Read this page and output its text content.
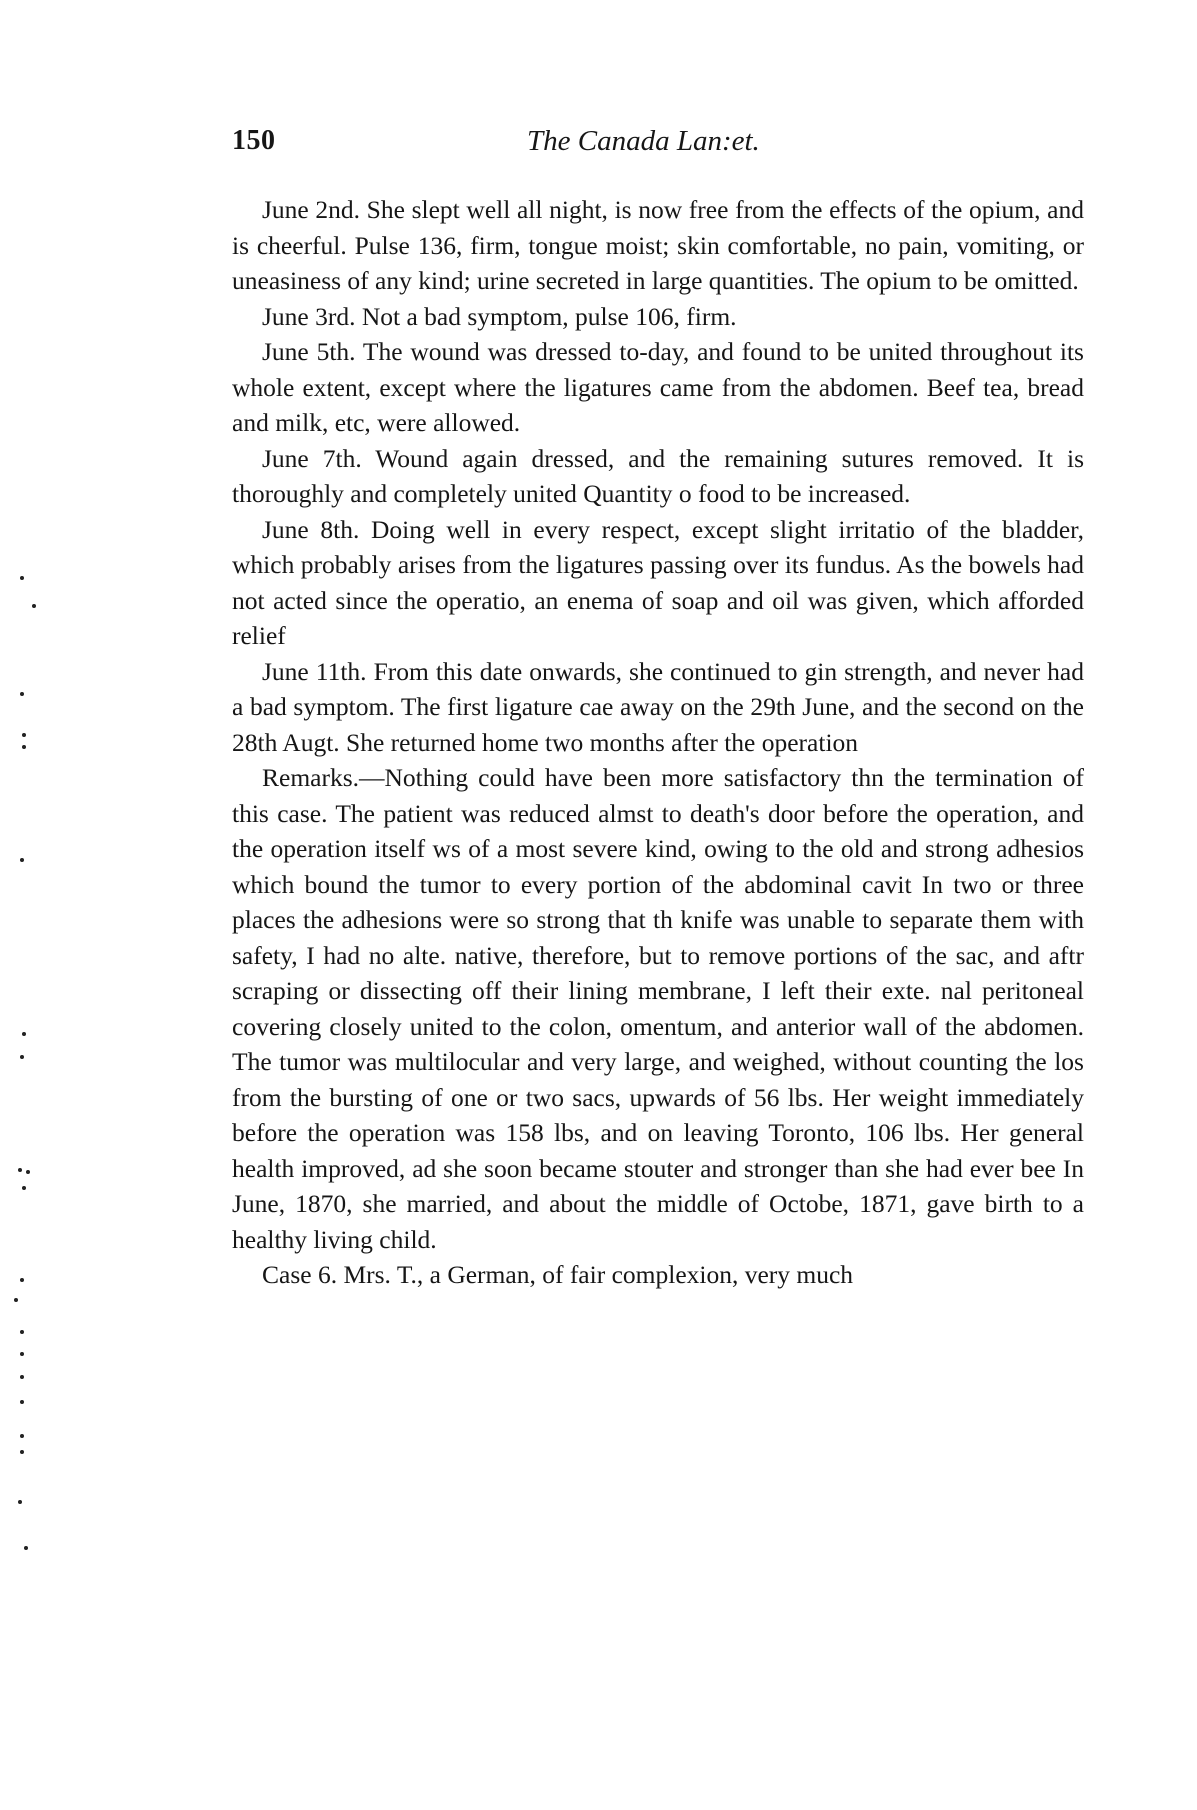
150	The Canada Lan:et.

June 2nd. She slept well all night, is now free from the effects of the opium, and is cheerful. Pulse 136, firm, tongue moist; skin comfortable, no pain, vomiting, or uneasiness of any kind; urine secreted in large quantities. The opium to be omitted.

June 3rd. Not a bad symptom, pulse 106, firm.

June 5th. The wound was dressed to-day, and found to be united throughout its whole extent, except where the ligatures came from the abdomen. Beef tea, bread and milk, etc, were allowed.

June 7th. Wound again dressed, and the remaining sutures removed. It is thoroughly and completely united Quantity o food to be increased.

June 8th. Doing well in every respect, except slight irritatio of the bladder, which probably arises from the ligatures passing over its fundus. As the bowels had not acted since the operatio, an enema of soap and oil was given, which afforded relief

June 11th. From this date onwards, she continued to gin strength, and never had a bad symptom. The first ligature cae away on the 29th June, and the second on the 28th Augt. She returned home two months after the operation

Remarks.—Nothing could have been more satisfactory thn the termination of this case. The patient was reduced almst to death's door before the operation, and the operation itself ws of a most severe kind, owing to the old and strong adhesios which bound the tumor to every portion of the abdominal cavit In two or three places the adhesions were so strong that th knife was unable to separate them with safety, I had no alte. native, therefore, but to remove portions of the sac, and aftr scraping or dissecting off their lining membrane, I left their exte. nal peritoneal covering closely united to the colon, omentum, and anterior wall of the abdomen. The tumor was multilocular and very large, and weighed, without counting the los from the bursting of one or two sacs, upwards of 56 lbs. Her weight immediately before the operation was 158 lbs, and on leaving Toronto, 106 lbs. Her general health improved, ad she soon became stouter and stronger than she had ever bee In June, 1870, she married, and about the middle of Octobe, 1871, gave birth to a healthy living child.

Case 6. Mrs. T., a German, of fair complexion, very much
